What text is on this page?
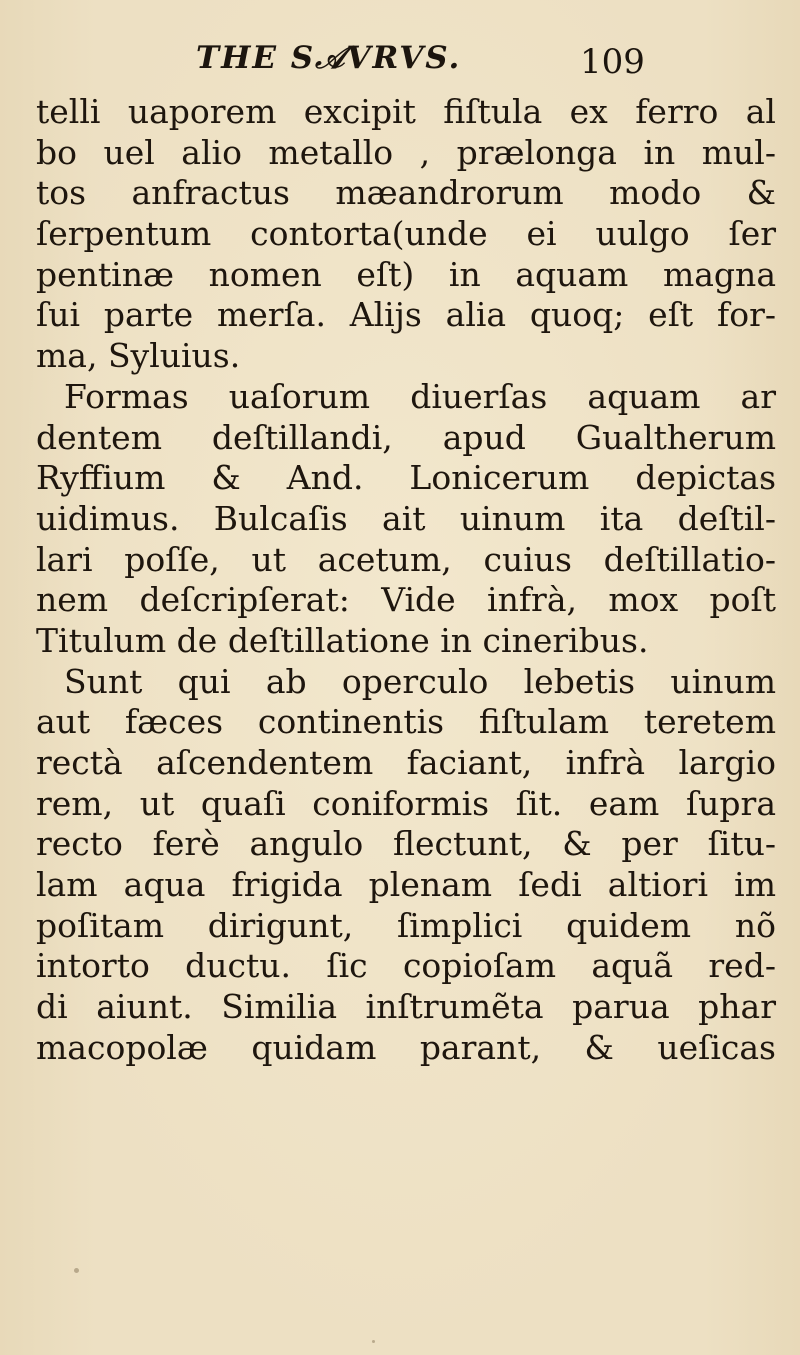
THE S𝒜VRVS.	109
telli uaporem excipit fiſtula ex ferro al
bo uel alio metallo , prælonga in mul-
tos anfractus mæandrorum modo &
ſerpentum contorta(unde ei uulgo ſer
pentinæ nomen eſt) in aquam magna
ſui parte merſa. Alijs alia quoq; eſt for-
ma, Syluius.
Formas uaſorum diuerſas aquam ar
dentem deſtillandi, apud Gualtherum
Ryffium & And. Lonicerum depictas
uidimus. Bulcaſis ait uinum ita deſtil-
lari poſſe, ut acetum, cuius deſtillatio-
nem deſcripſerat: Vide infrà, mox poſt
Titulum de deſtillatione in cineribus.
Sunt qui ab operculo lebetis uinum
aut fæces continentis fiſtulam teretem
rectà aſcendentem faciant, infrà largio
rem, ut quaſi coniformis ſit. eam ſupra
recto ferè angulo flectunt, & per ſitu-
lam aqua frigida plenam ſedi altiori im
poſitam dirigunt, ſimplici quidem nõ
intorto ductu. ſic copioſam aquã red-
di aiunt. Similia inſtrumẽta parua phar
macopolæ quidam parant, & ueſicas
